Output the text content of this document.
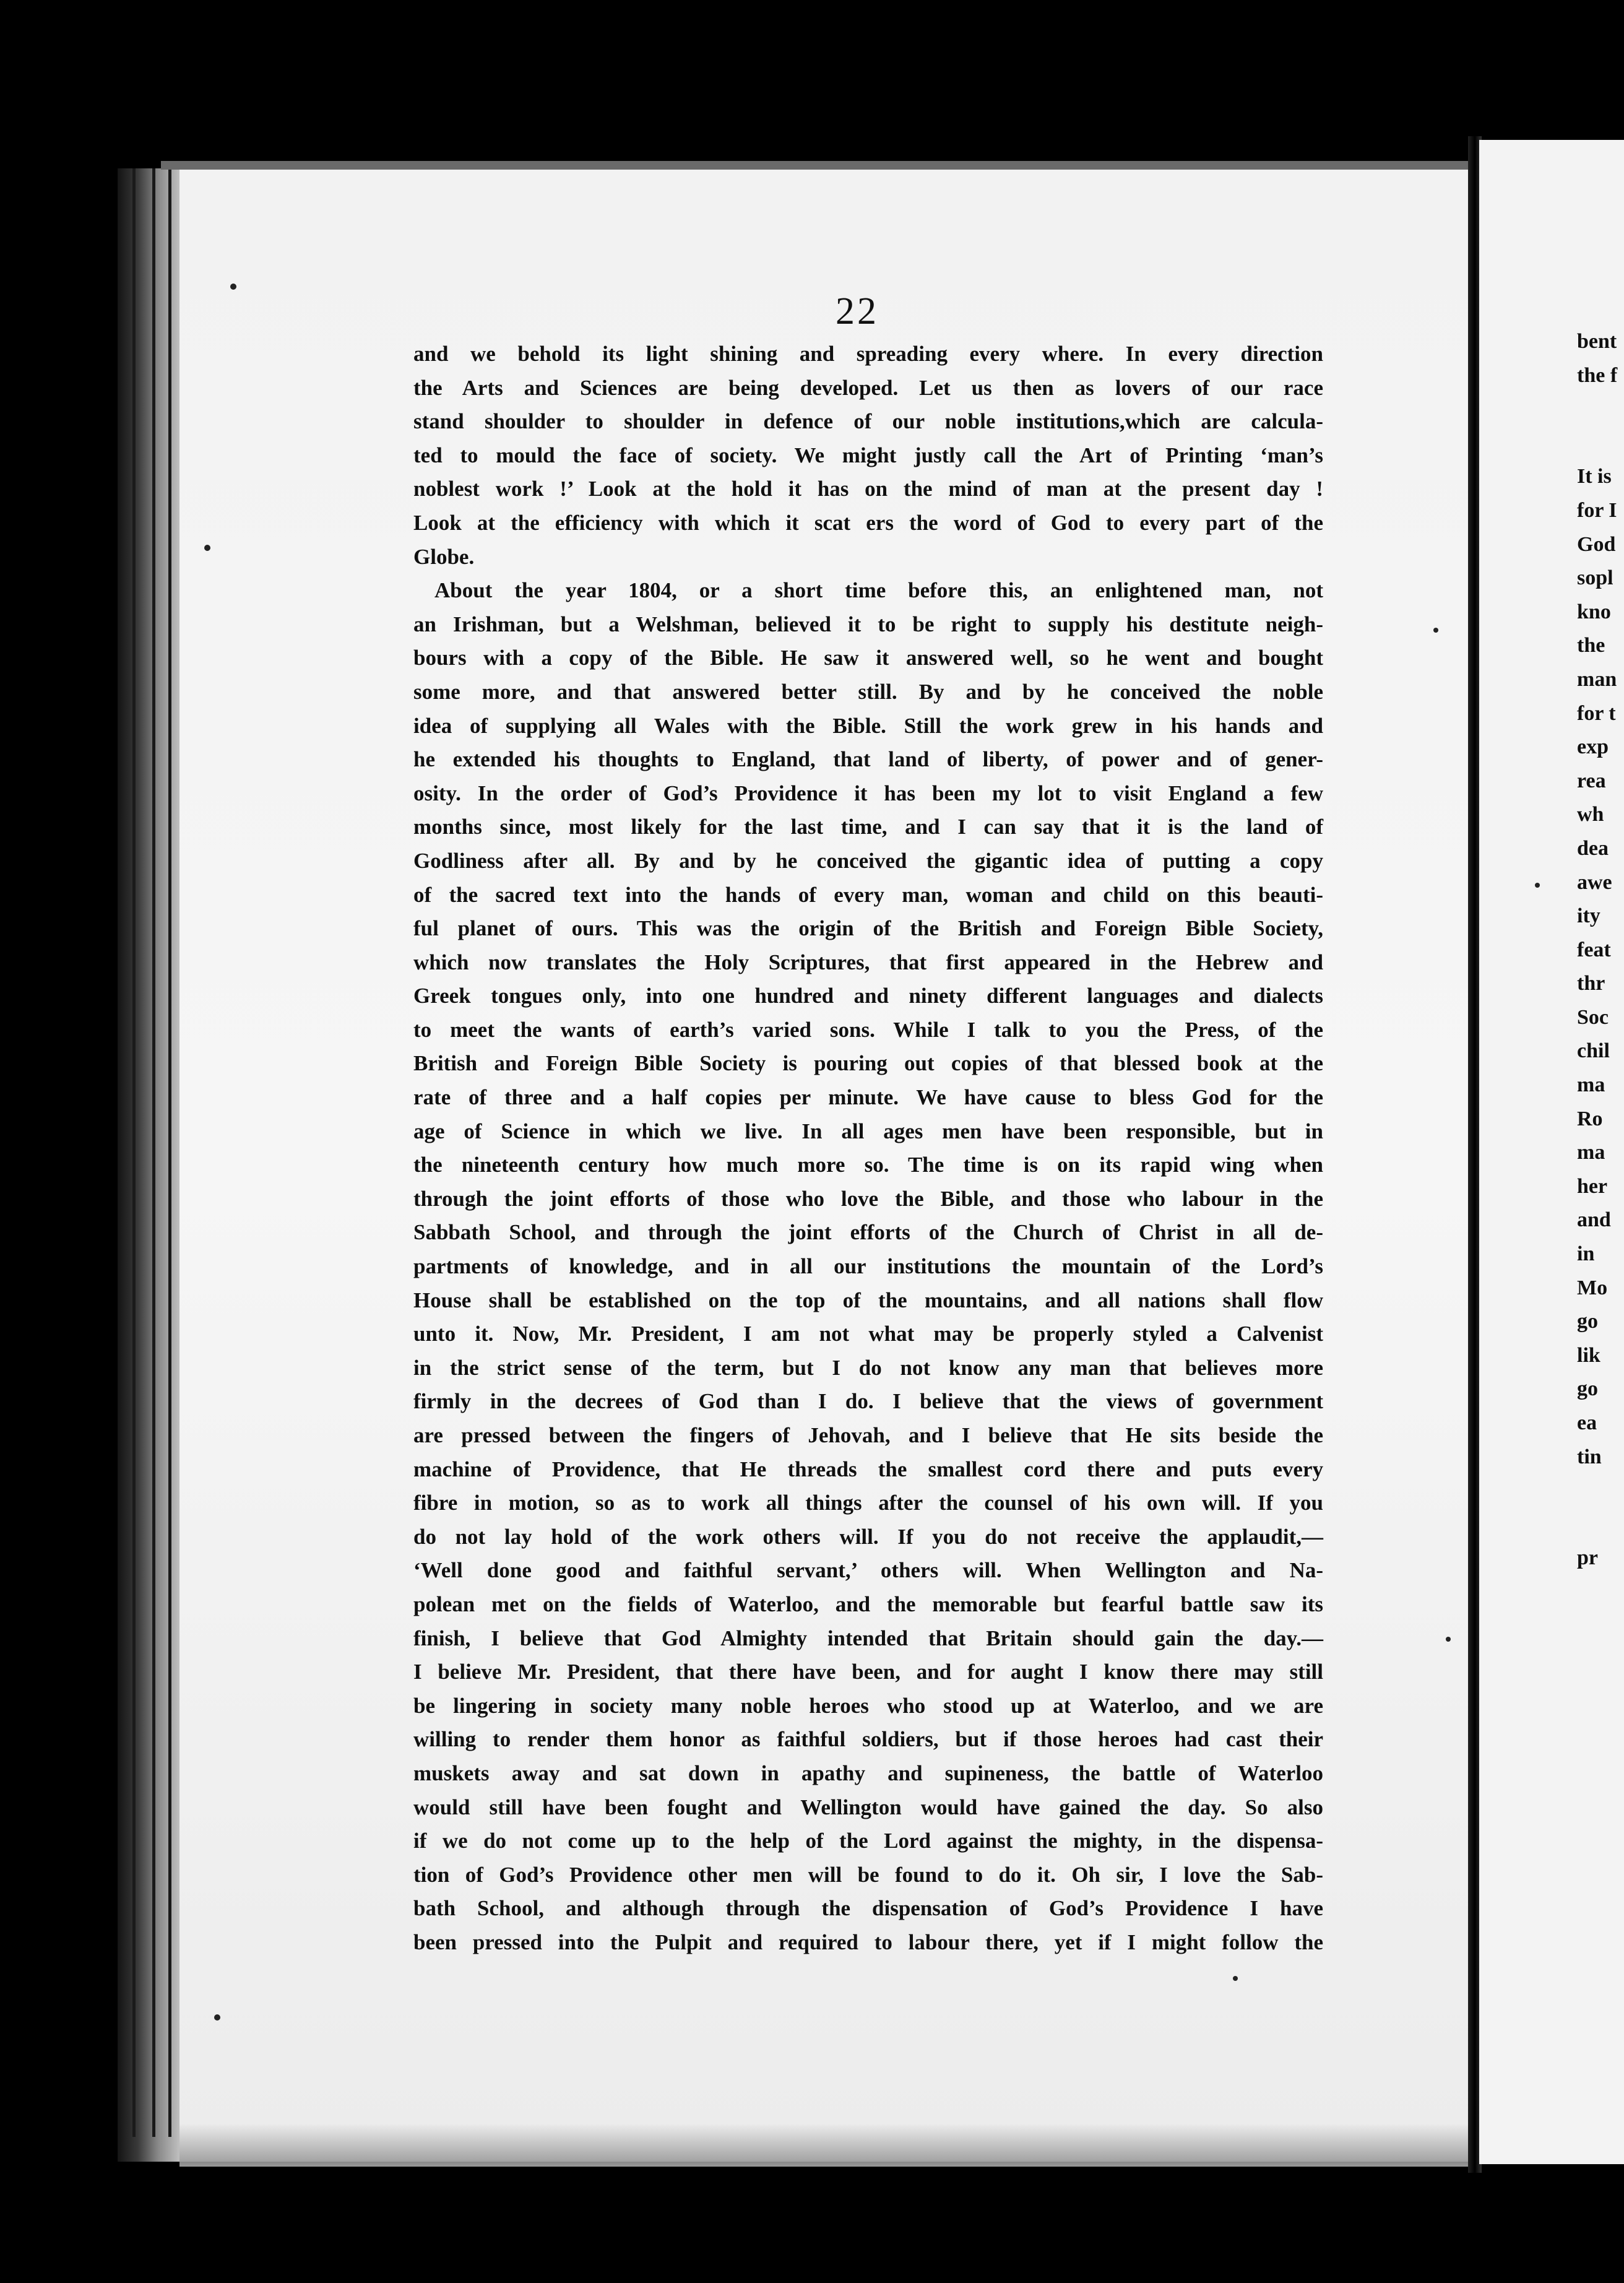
22
and we behold its light shining and spreading every where. In every direction
the Arts and Sciences are being developed. Let us then as lovers of our race
stand shoulder to shoulder in defence of our noble institutions,which are calcula-
ted to mould the face of society. We might justly call the Art of Printing ‘man’s
noblest work !’ Look at the hold it has on the mind of man at the present day !
Look at the efficiency with which it scat ers the word of God to every part of the
Globe.
About the year 1804, or a short time before this, an enlightened man, not
an Irishman, but a Welshman, believed it to be right to supply his destitute neigh-
bours with a copy of the Bible. He saw it answered well, so he went and bought
some more, and that answered better still. By and by he conceived the noble
idea of supplying all Wales with the Bible. Still the work grew in his hands and
he extended his thoughts to England, that land of liberty, of power and of gener-
osity. In the order of God’s Providence it has been my lot to visit England a few
months since, most likely for the last time, and I can say that it is the land of
Godliness after all. By and by he conceived the gigantic idea of putting a copy
of the sacred text into the hands of every man, woman and child on this beauti-
ful planet of ours. This was the origin of the British and Foreign Bible Society,
which now translates the Holy Scriptures, that first appeared in the Hebrew and
Greek tongues only, into one hundred and ninety different languages and dialects
to meet the wants of earth’s varied sons. While I talk to you the Press, of the
British and Foreign Bible Society is pouring out copies of that blessed book at the
rate of three and a half copies per minute. We have cause to bless God for the
age of Science in which we live. In all ages men have been responsible, but in
the nineteenth century how much more so. The time is on its rapid wing when
through the joint efforts of those who love the Bible, and those who labour in the
Sabbath School, and through the joint efforts of the Church of Christ in all de-
partments of knowledge, and in all our institutions the mountain of the Lord’s
House shall be established on the top of the mountains, and all nations shall flow
unto it. Now, Mr. President, I am not what may be properly styled a Calvenist
in the strict sense of the term, but I do not know any man that believes more
firmly in the decrees of God than I do. I believe that the views of government
are pressed between the fingers of Jehovah, and I believe that He sits beside the
machine of Providence, that He threads the smallest cord there and puts every
fibre in motion, so as to work all things after the counsel of his own will. If you
do not lay hold of the work others will. If you do not receive the applaudit,—
‘Well done good and faithful servant,’ others will. When Wellington and Na-
polean met on the fields of Waterloo, and the memorable but fearful battle saw its
finish, I believe that God Almighty intended that Britain should gain the day.—
I believe Mr. President, that there have been, and for aught I know there may still
be lingering in society many noble heroes who stood up at Waterloo, and we are
willing to render them honor as faithful soldiers, but if those heroes had cast their
muskets away and sat down in apathy and supineness, the battle of Waterloo
would still have been fought and Wellington would have gained the day. So also
if we do not come up to the help of the Lord against the mighty, in the dispensa-
tion of God’s Providence other men will be found to do it. Oh sir, I love the Sab-
bath School, and although through the dispensation of God’s Providence I have
been pressed into the Pulpit and required to labour there, yet if I might follow the
bent
the f
It is
for I
God
sopl
kno
the
man
for t
exp
rea
wh
dea
awe
ity
feat
thr
Soc
chil
ma
Ro
ma
her
and
in
Mo
go
lik
go
ea
tin
pr
